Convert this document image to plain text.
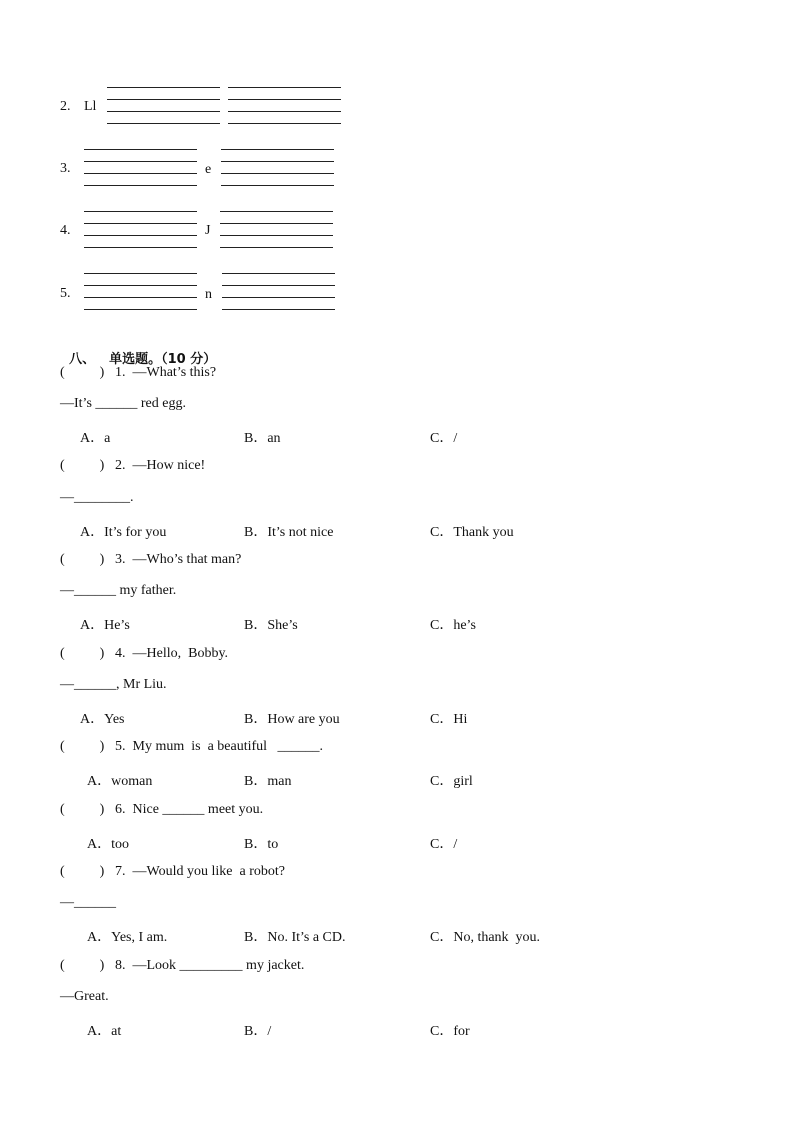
2. Ll
3.	e
4.	J
5.	n

八、 单选题。（10 分）

(          ) 1.  —What’s this?
—It’s ______ red egg.
A．a	B．an	C．/
(          ) 2.  —How nice!
—________.
A．It’s for you	B．It’s not nice	C．Thank you
(          ) 3.  —Who’s that man?
—______ my father.
A．He’s	B．She’s	C．he’s
(          ) 4.  —Hello,  Bobby.
—______, Mr Liu.
A．Yes	B．How are you	C．Hi
(          ) 5.  My mum  is  a beautiful   ______.
A．woman	B．man	C．girl
(          ) 6.  Nice ______ meet you.
A．too	B．to	C．/
(          ) 7.  —Would you like  a robot?
—______
A．Yes, I am.	B．No. It’s a CD.	C．No, thank  you.
(          ) 8.  —Look _________ my jacket.
—Great.
A．at	B．/	C．for
